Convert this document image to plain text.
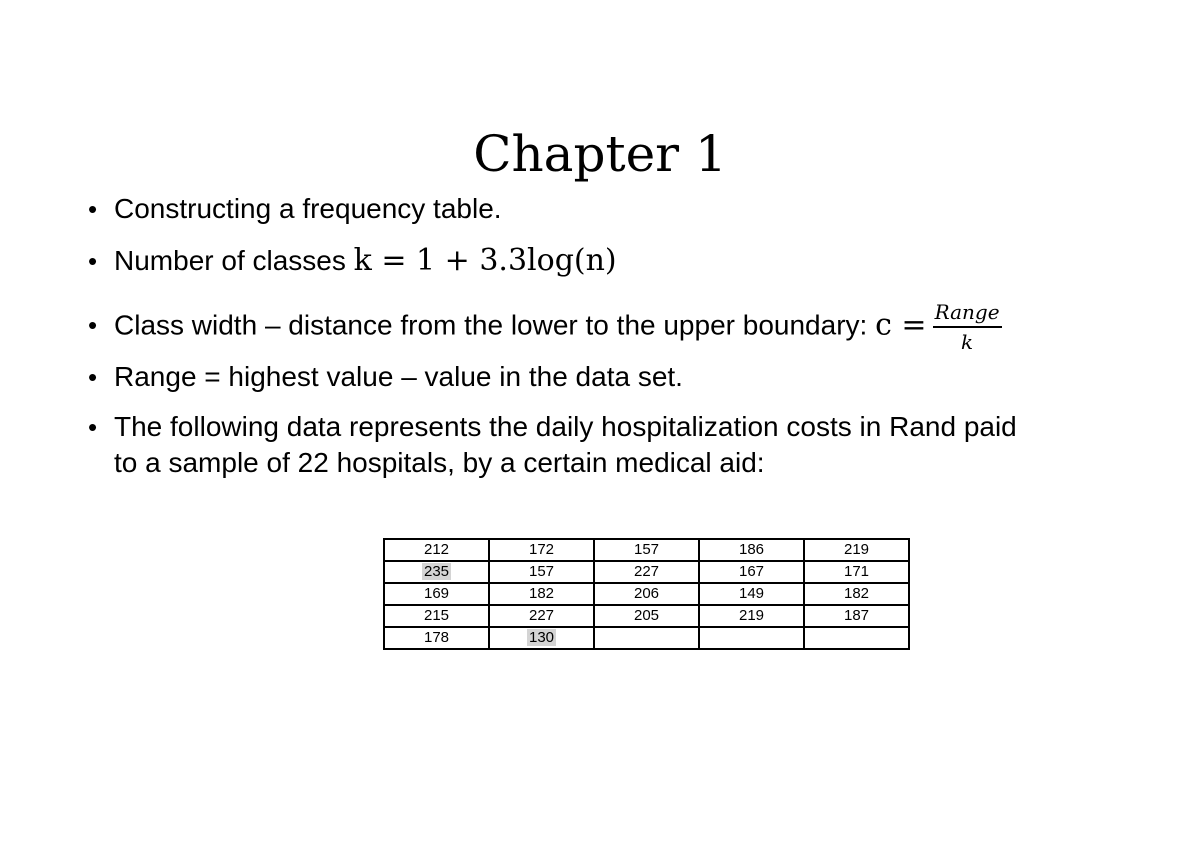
Chapter 1
• Constructing a frequency table.
• Number of classes k = 1 + 3.3log(n)
• Class width – distance from the lower to the upper boundary: $c = \frac{\text{Range}}{k}$
• Range = highest value – value in the data set.
• The following data represents the daily hospitalization costs in Rand paid
to a sample of 22 hospitals, by a certain medical aid:
212	172	157	186	219
235	157	227	167	171
169	182	206	149	182
215	227	205	219	187
178	130			
